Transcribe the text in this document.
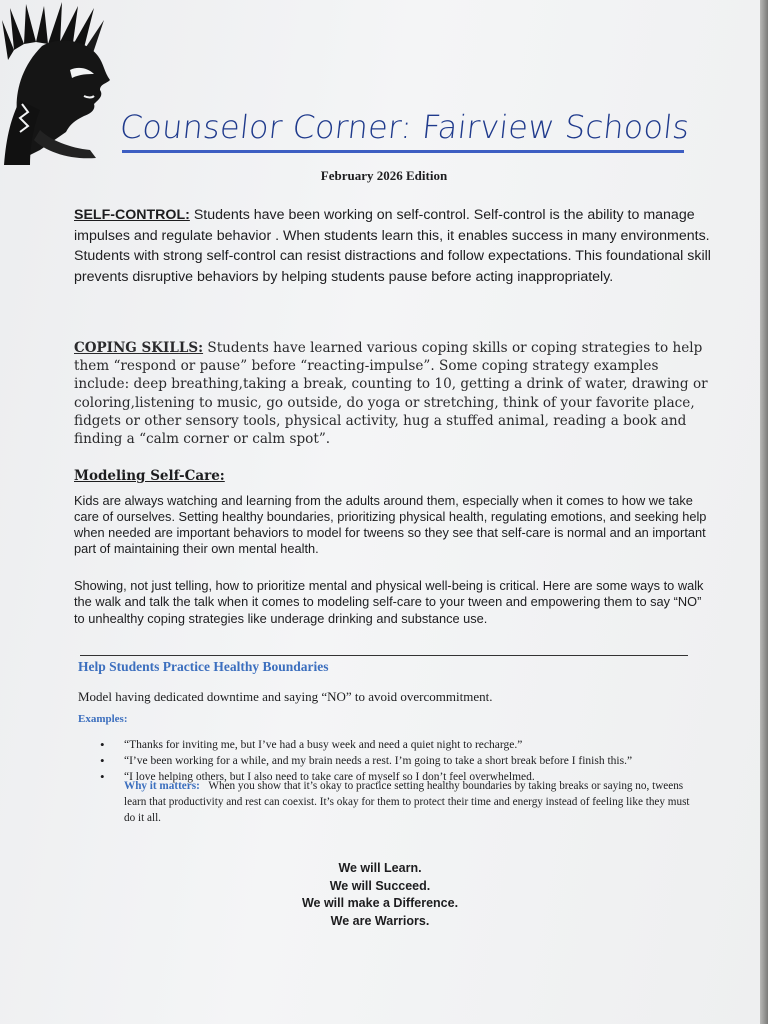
Counselor Corner: Fairview Schools
February 2026 Edition
SELF-CONTROL: Students have been working on self-control. Self-control is the ability to manage impulses and regulate behavior . When students learn this, it enables success in many environments. Students with strong self-control can resist distractions and follow expectations. This foundational skill prevents disruptive behaviors by helping students pause before acting inappropriately.
COPING SKILLS: Students have learned various coping skills or coping strategies to help them “respond or pause” before “reacting-impulse”. Some coping strategy examples include: deep breathing,taking a break, counting to 10, getting a drink of water, drawing or coloring,listening to music, go outside, do yoga or stretching, think of your favorite place, fidgets or other sensory tools, physical activity, hug a stuffed animal, reading a book and finding a “calm corner or calm spot”.
Modeling Self-Care:
Kids are always watching and learning from the adults around them, especially when it comes to how we take care of ourselves. Setting healthy boundaries, prioritizing physical health, regulating emotions, and seeking help when needed are important behaviors to model for tweens so they see that self-care is normal and an important part of maintaining their own mental health.
Showing, not just telling, how to prioritize mental and physical well-being is critical. Here are some ways to walk the walk and talk the talk when it comes to modeling self-care to your tween and empowering them to say “NO” to unhealthy coping strategies like underage drinking and substance use.
Help Students Practice Healthy Boundaries
Model having dedicated downtime and saying “NO” to avoid overcommitment.
Examples:
• “Thanks for inviting me, but I’ve had a busy week and need a quiet night to recharge.”
• “I’ve been working for a while, and my brain needs a rest. I’m going to take a short break before I finish this.”
• “I love helping others, but I also need to take care of myself so I don’t feel overwhelmed.
Why it matters: When you show that it’s okay to practice setting healthy boundaries by taking breaks or saying no, tweens learn that productivity and rest can coexist. It’s okay for them to protect their time and energy instead of feeling like they must do it all.
We will Learn.
We will Succeed.
We will make a Difference.
We are Warriors.
